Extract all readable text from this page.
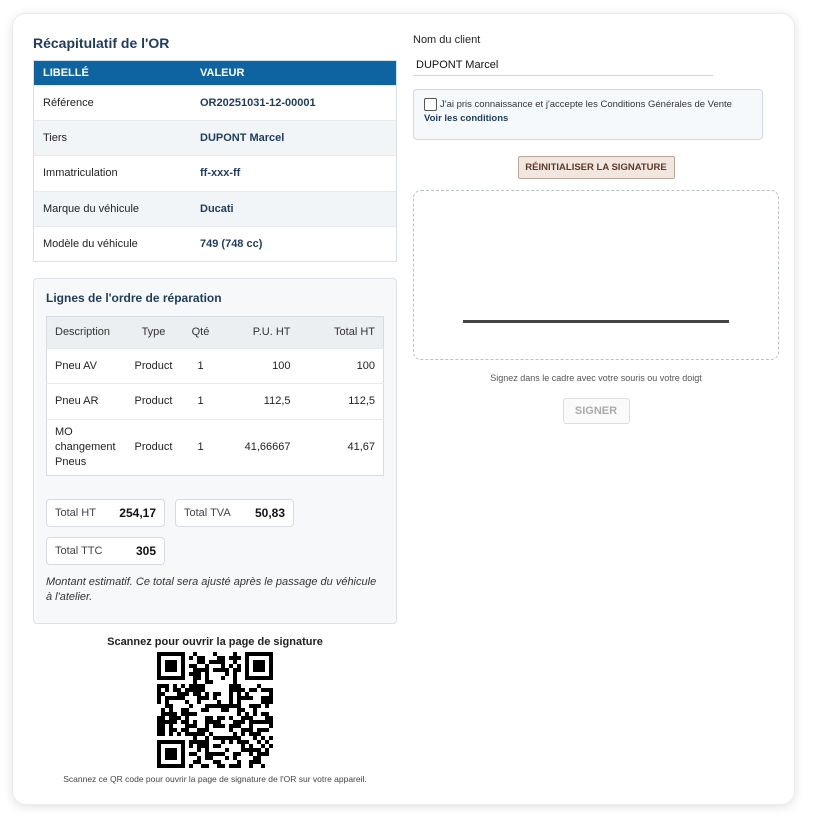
Récapitulatif de l'OR
LIBELLÉ	VALEUR
Référence	OR20251031-12-00001
Tiers	DUPONT Marcel
Immatriculation	ff-xxx-ff
Marque du véhicule	Ducati
Modèle du véhicule	749 (748 cc)
Lignes de l'ordre de réparation
Description	Type	Qté	P.U. HT	Total HT
Pneu AV	Product	1	100	100
Pneu AR	Product	1	112,5	112,5
MO changement Pneus	Product	1	41,66667	41,67
Total HT 254,17	Total TVA 50,83
Total TTC	305
Montant estimatif. Ce total sera ajusté après le passage du véhicule à l'atelier.
Scannez pour ouvrir la page de signature
Scannez ce QR code pour ouvrir la page de signature de l'OR sur votre appareil.
Nom du client
DUPONT Marcel
J'ai pris connaissance et j'accepte les Conditions Générales de Vente
Voir les conditions
RÉINITIALISER LA SIGNATURE
Signez dans le cadre avec votre souris ou votre doigt
SIGNER
